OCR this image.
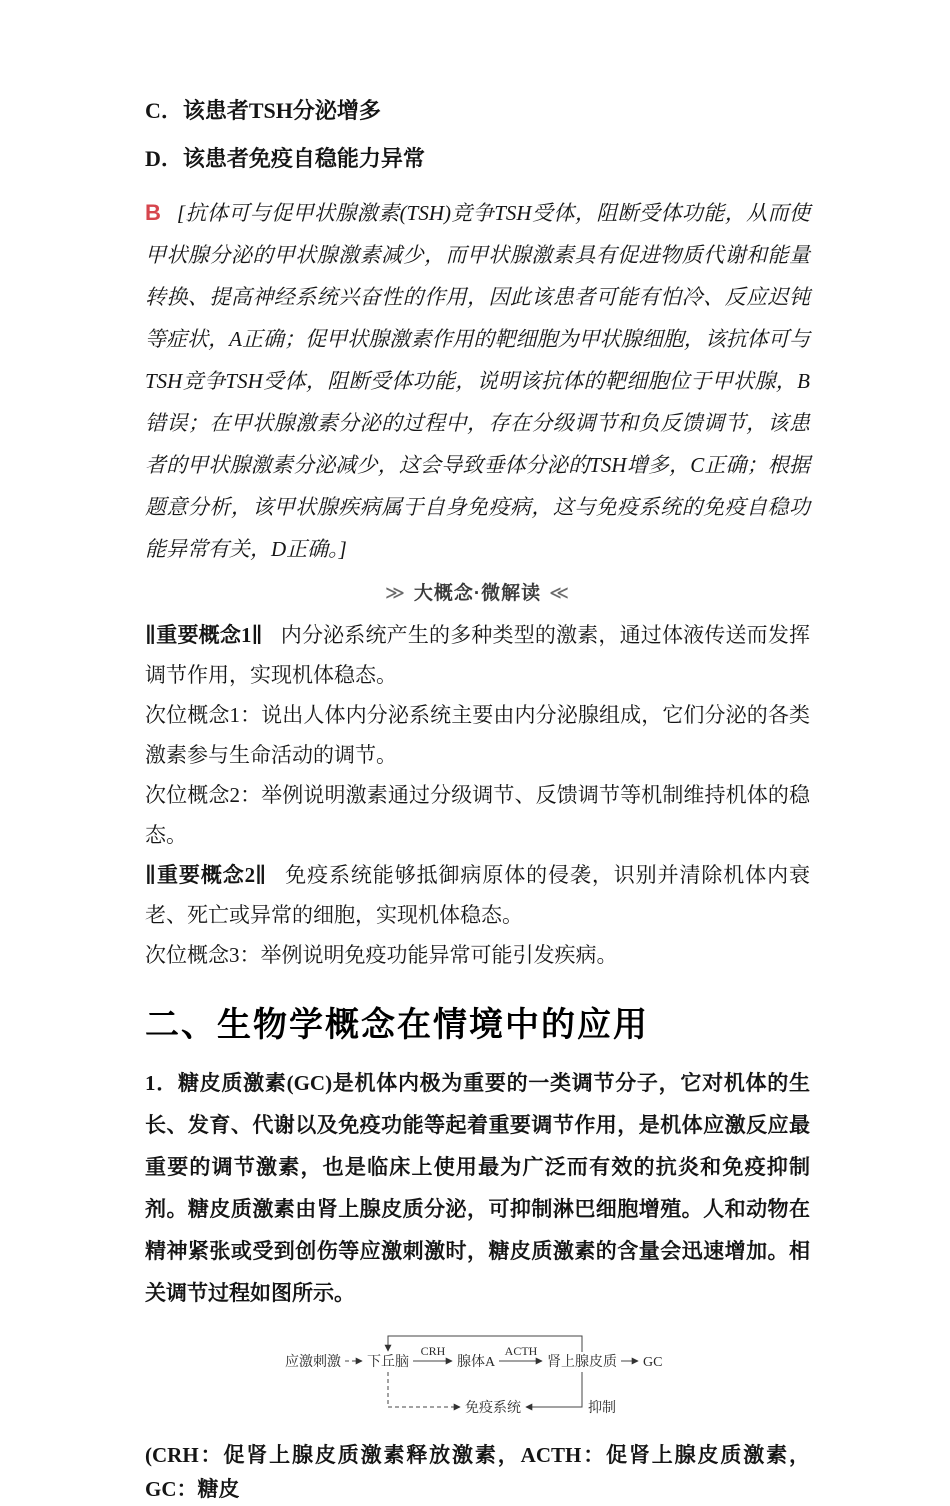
C．该患者TSH分泌增多

D．该患者免疫自稳能力异常

B [抗体可与促甲状腺激素(TSH)竞争TSH受体，阻断受体功能，从而使甲状腺分泌的甲状腺激素减少，而甲状腺激素具有促进物质代谢和能量转换、提高神经系统兴奋性的作用，因此该患者可能有怕冷、反应迟钝等症状，A正确；促甲状腺激素作用的靶细胞为甲状腺细胞，该抗体可与TSH竞争TSH受体，阻断受体功能，说明该抗体的靶细胞位于甲状腺，B错误；在甲状腺激素分泌的过程中，存在分级调节和负反馈调节，该患者的甲状腺激素分泌减少，这会导致垂体分泌的TSH增多，C正确；根据题意分析，该甲状腺疾病属于自身免疫病，这与免疫系统的免疫自稳功能异常有关，D正确。]

≫ 大概念·微解读 ≪

∥重要概念1∥ 内分泌系统产生的多种类型的激素，通过体液传送而发挥调节作用，实现机体稳态。

次位概念1：说出人体内分泌系统主要由内分泌腺组成，它们分泌的各类激素参与生命活动的调节。

次位概念2：举例说明激素通过分级调节、反馈调节等机制维持机体的稳态。

∥重要概念2∥ 免疫系统能够抵御病原体的侵袭，识别并清除机体内衰老、死亡或异常的细胞，实现机体稳态。

次位概念3：举例说明免疫功能异常可能引发疾病。

二、生物学概念在情境中的应用

1．糖皮质激素(GC)是机体内极为重要的一类调节分子，它对机体的生长、发育、代谢以及免疫功能等起着重要调节作用，是机体应激反应最重要的调节激素，也是临床上使用最为广泛而有效的抗炎和免疫抑制剂。糖皮质激素由肾上腺皮质分泌，可抑制淋巴细胞增殖。人和动物在精神紧张或受到创伤等应激刺激时，糖皮质激素的含量会迅速增加。相关调节过程如图所示。

应激刺激 下丘脑
CRH
腺体A
ACTH
肾上腺皮质 GC
免疫系统	抑制

(CRH：促肾上腺皮质激素释放激素，ACTH：促肾上腺皮质激素，GC：糖皮
